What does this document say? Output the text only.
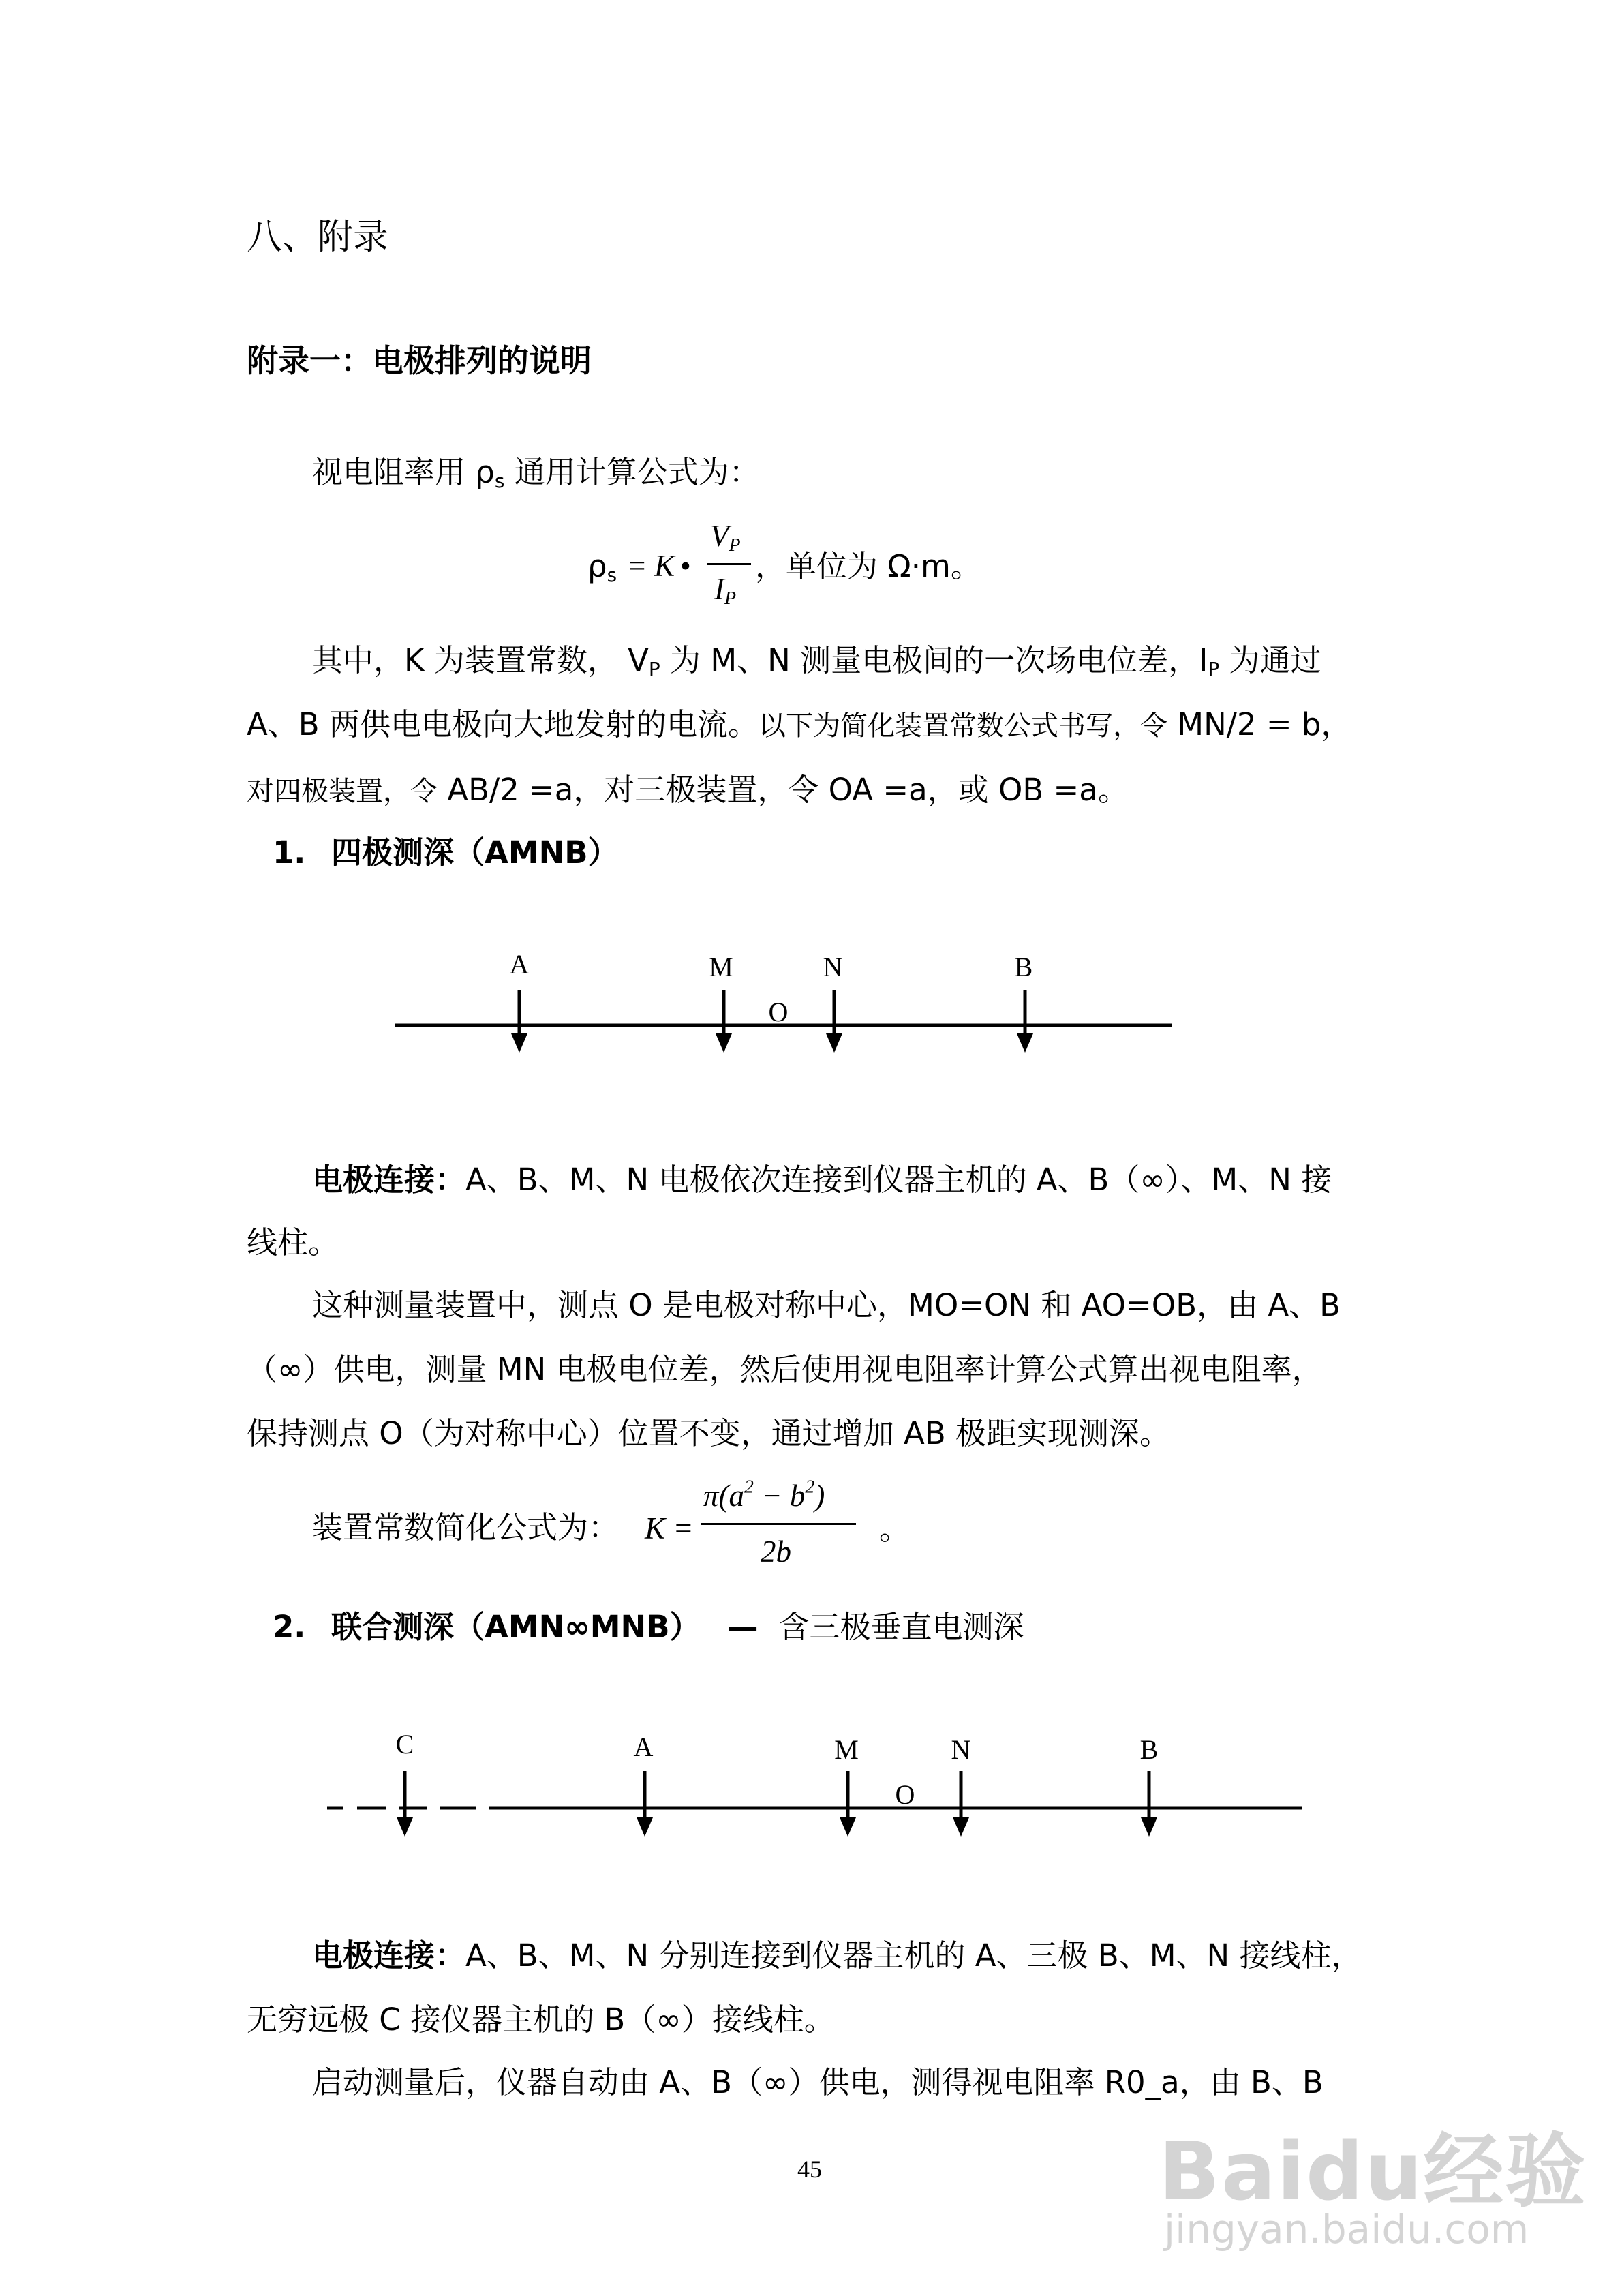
八、附录
附录一：电极排列的说明
视电阻率用 $\rho_s$ 通用计算公式为：
$\rho_s = K$ •
$V_P$
$I_P$
，单位为 Ω·m。
其中，K 为装置常数， $V_P$ 为 M、N 测量电极间的一次场电位差，$I_P$ 为通过
A、B 两供电电极向大地发射的电流。以下为简化装置常数公式书写，令 MN/2 = b，
对四极装置，令 AB/2 =a，对三极装置，令 OA =a，或 OB =a。
1. 四极测深（AMNB）
A	M	N	B
O
电极连接：A、B、M、N 电极依次连接到仪器主机的 A、B（∞）、M、N 接
线柱。
这种测量装置中，测点 O 是电极对称中心，MO=ON 和 AO=OB，由 A、B
（∞）供电，测量 MN 电极电位差，然后使用视电阻率计算公式算出视电阻率，
保持测点 O（为对称中心）位置不变，通过增加 AB 极距实现测深。
装置常数简化公式为： K =
$\pi(a^2 - b^2)$
2b
。
2. 联合测深（AMN∞MNB） — 含三极垂直电测深
C	A	M	N	B
O
电极连接：A、B、M、N 分别连接到仪器主机的 A、三极 B、M、N 接线柱，
无穷远极 C 接仪器主机的 B（∞）接线柱。
启动测量后，仪器自动由 A、B（∞）供电，测得视电阻率 R0_a，由 B、B
45	Baidu经验
jingyan.baidu.com
